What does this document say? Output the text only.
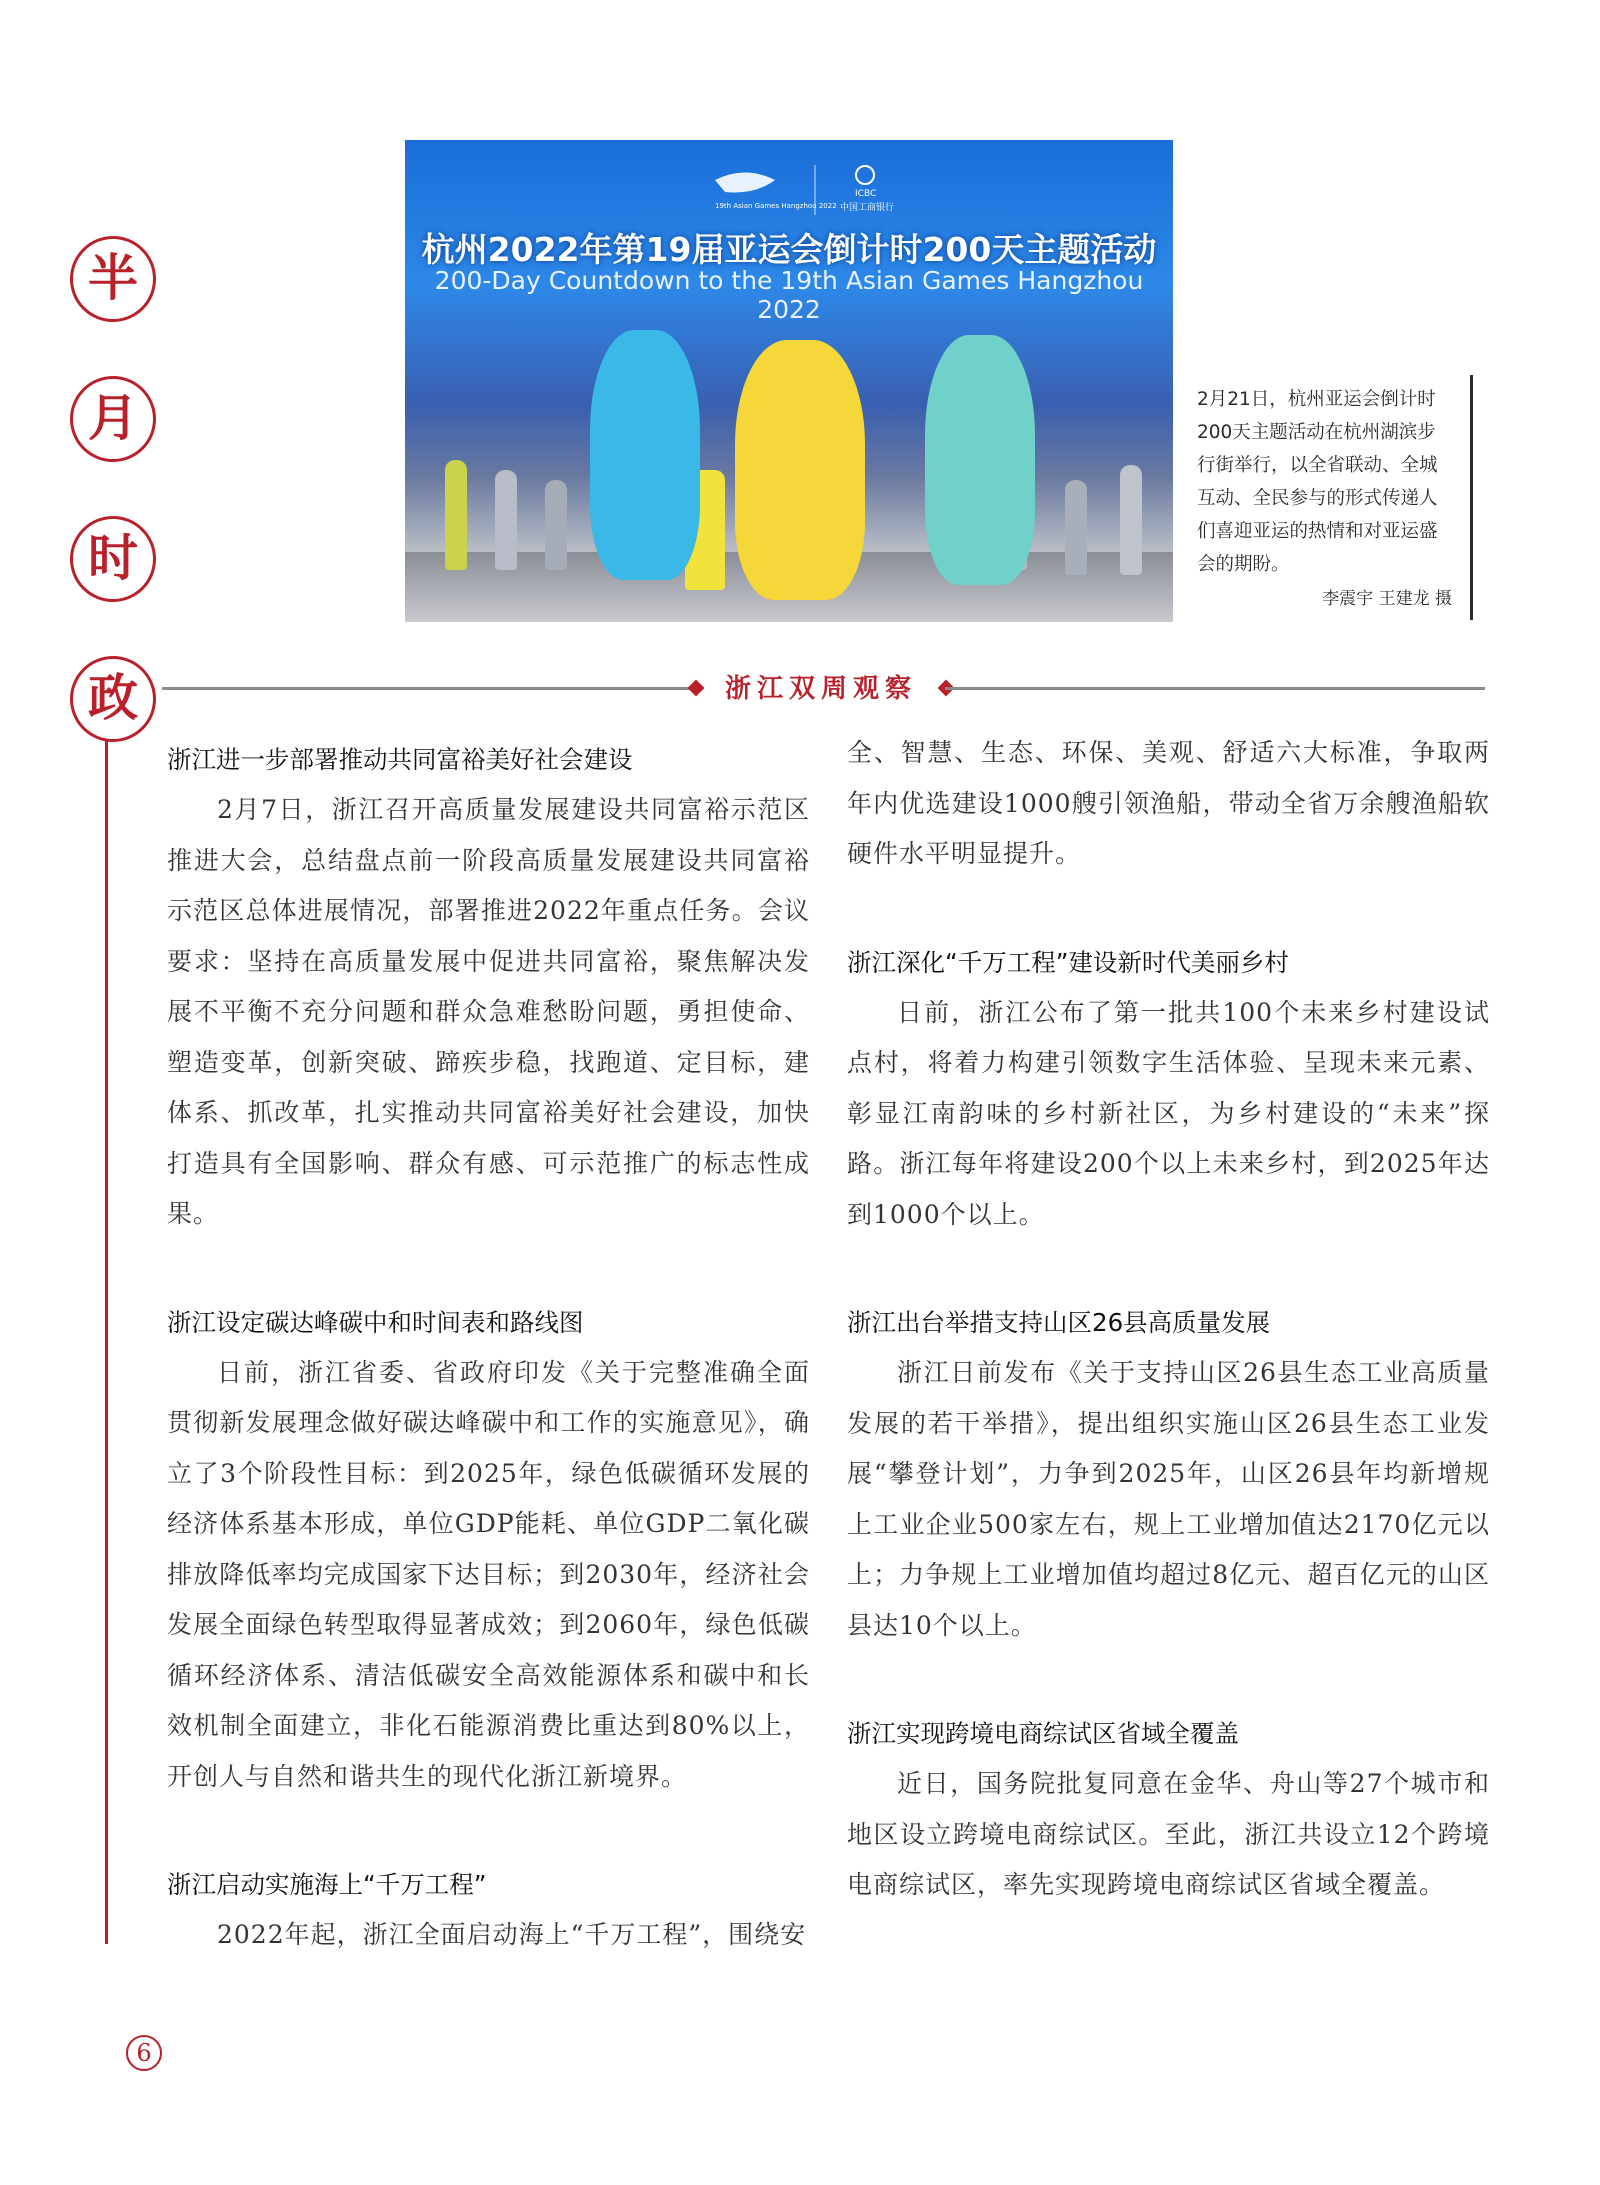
半
月
时
政
19th Asian Games Hangzhou 2022
ICBC
中国工商银行
杭州2022年第19届亚运会倒计时200天主题活动
200-Day Countdown to the 19th Asian Games Hangzhou 2022
2月21日，杭州亚运会倒计时200天主题活动在杭州湖滨步行街举行，以全省联动、全城互动、全民参与的形式传递人们喜迎亚运的热情和对亚运盛会的期盼。
李震宇 王建龙 摄
浙江双周观察
浙江进一步部署推动共同富裕美好社会建设

2月7日，浙江召开高质量发展建设共同富裕示范区推进大会，总结盘点前一阶段高质量发展建设共同富裕示范区总体进展情况，部署推进2022年重点任务。会议要求：坚持在高质量发展中促进共同富裕，聚焦解决发展不平衡不充分问题和群众急难愁盼问题，勇担使命、塑造变革，创新突破、蹄疾步稳，找跑道、定目标，建体系、抓改革，扎实推动共同富裕美好社会建设，加快打造具有全国影响、群众有感、可示范推广的标志性成果。

浙江设定碳达峰碳中和时间表和路线图

日前，浙江省委、省政府印发《关于完整准确全面贯彻新发展理念做好碳达峰碳中和工作的实施意见》，确立了3个阶段性目标：到2025年，绿色低碳循环发展的经济体系基本形成，单位GDP能耗、单位GDP二氧化碳排放降低率均完成国家下达目标；到2030年，经济社会发展全面绿色转型取得显著成效；到2060年，绿色低碳循环经济体系、清洁低碳安全高效能源体系和碳中和长效机制全面建立，非化石能源消费比重达到80%以上，开创人与自然和谐共生的现代化浙江新境界。

浙江启动实施海上“千万工程”

2022年起，浙江全面启动海上“千万工程”，围绕安

全、智慧、生态、环保、美观、舒适六大标准，争取两年内优选建设1000艘引领渔船，带动全省万余艘渔船软硬件水平明显提升。

浙江深化“千万工程”建设新时代美丽乡村

日前，浙江公布了第一批共100个未来乡村建设试点村，将着力构建引领数字生活体验、呈现未来元素、彰显江南韵味的乡村新社区，为乡村建设的“未来”探路。浙江每年将建设200个以上未来乡村，到2025年达到1000个以上。

浙江出台举措支持山区26县高质量发展

浙江日前发布《关于支持山区26县生态工业高质量发展的若干举措》，提出组织实施山区26县生态工业发展“攀登计划”，力争到2025年，山区26县年均新增规上工业企业500家左右，规上工业增加值达2170亿元以上；力争规上工业增加值均超过8亿元、超百亿元的山区县达10个以上。

浙江实现跨境电商综试区省域全覆盖

近日，国务院批复同意在金华、舟山等27个城市和地区设立跨境电商综试区。至此，浙江共设立12个跨境电商综试区，率先实现跨境电商综试区省域全覆盖。

6
